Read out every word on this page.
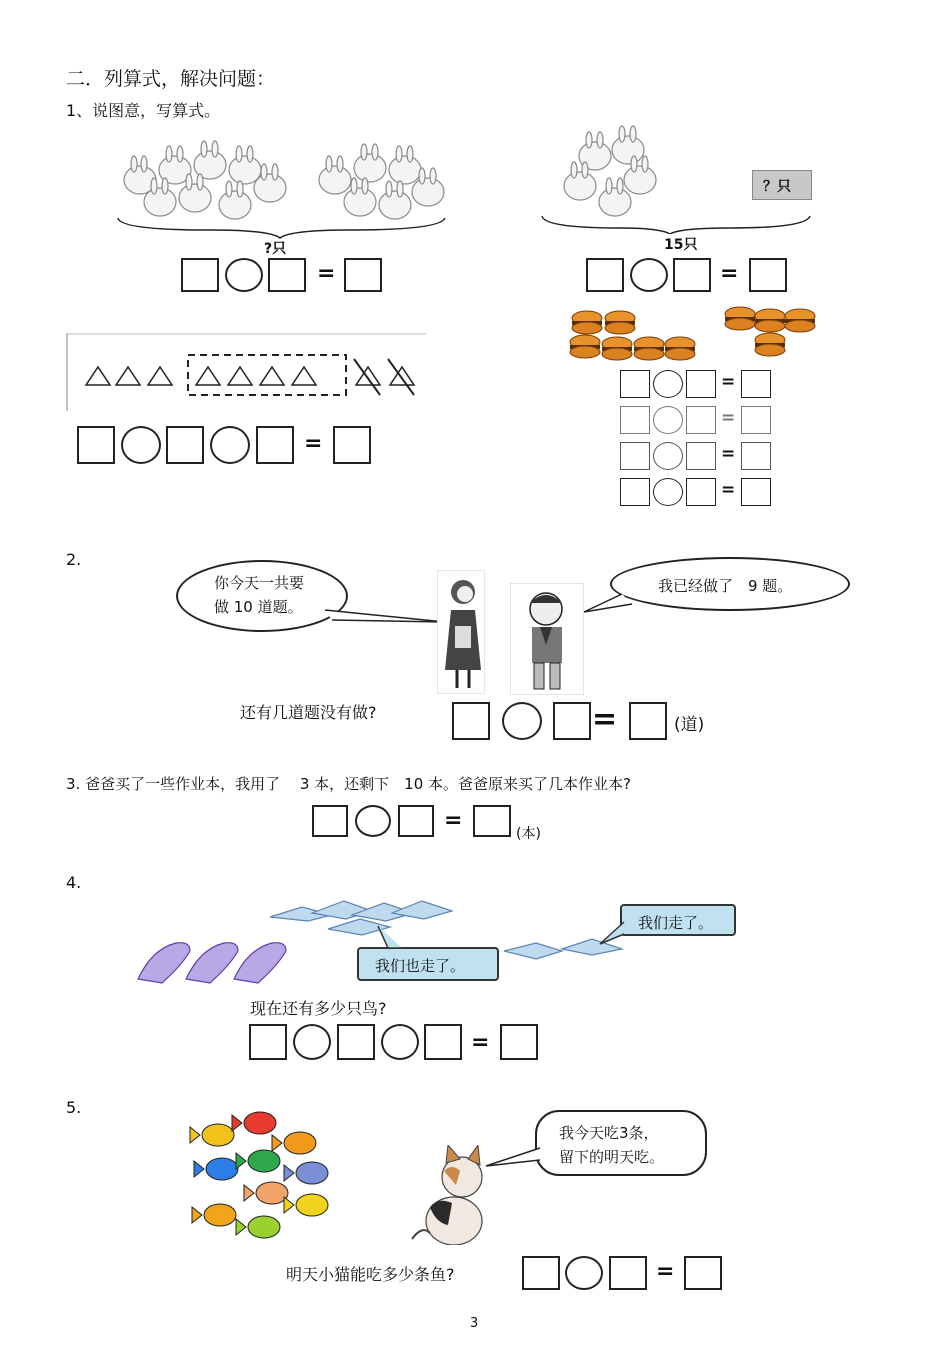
二．列算式，解决问题：
1、说图意，写算式。
?只
=
？只
15只
=
=
=
=
=
=
2.
你今天一共要
做 10 道题。
我已经做了　9 题。
还有几道题没有做?	=	(道)
3. 爸爸买了一些作业本，我用了　 3 本，还剩下　10 本。爸爸原来买了几本作业本?
=
(本)
4.
我们也走了。
我们走了。
现在还有多少只鸟?
=
5.
我今天吃3条，
留下的明天吃。
明天小猫能吃多少条鱼?	=
3
